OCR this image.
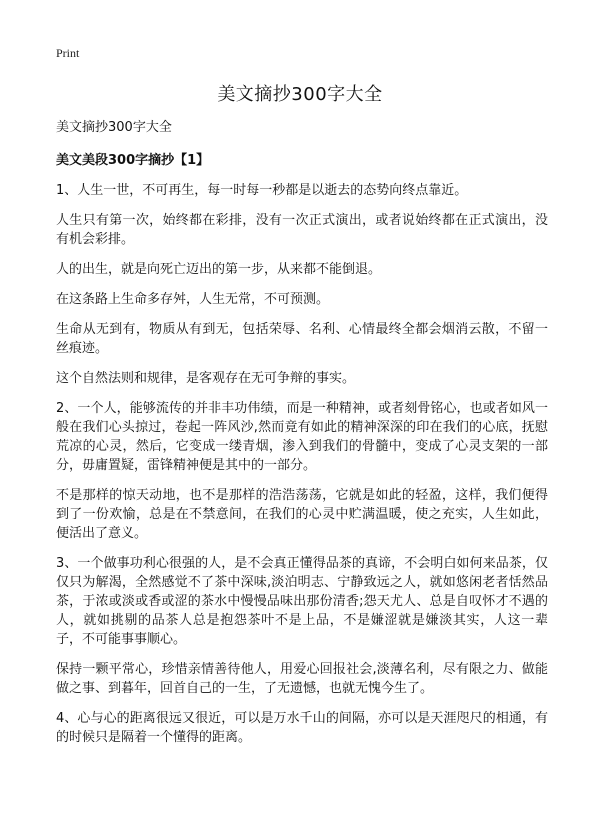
Print
美文摘抄300字大全

美文摘抄300字大全

美文美段300字摘抄【1】

1、人生一世，不可再生，每一时每一秒都是以逝去的态势向终点靠近。

人生只有第一次，始终都在彩排，没有一次正式演出，或者说始终都在正式演出，没有机会彩排。

人的出生，就是向死亡迈出的第一步，从来都不能倒退。

在这条路上生命多存舛，人生无常，不可预测。

生命从无到有，物质从有到无，包括荣辱、名利、心情最终全都会烟消云散，不留一丝痕迹。

这个自然法则和规律，是客观存在无可争辩的事实。

2、一个人，能够流传的并非丰功伟绩，而是一种精神，或者刻骨铭心，也或者如风一般在我们心头掠过，卷起一阵风沙,然而竟有如此的精神深深的印在我们的心底，抚慰荒凉的心灵，然后，它变成一缕青烟，渗入到我们的骨髓中，变成了心灵支架的一部分，毋庸置疑，雷锋精神便是其中的一部分。

不是那样的惊天动地，也不是那样的浩浩荡荡，它就是如此的轻盈，这样，我们便得到了一份欢愉，总是在不禁意间，在我们的心灵中贮满温暖，使之充实，人生如此，便活出了意义。

3、一个做事功利心很强的人，是不会真正懂得品茶的真谛，不会明白如何来品茶，仅仅只为解渴，全然感觉不了茶中深味,淡泊明志、宁静致远之人，就如悠闲老者恬然品茶，于浓或淡或香或涩的茶水中慢慢品味出那份清香;怨天尤人、总是自叹怀才不遇的人，就如挑剔的品茶人总是抱怨茶叶不是上品，不是嫌涩就是嫌淡其实，人这一辈子，不可能事事顺心。

保持一颗平常心，珍惜亲情善待他人，用爱心回报社会,淡薄名利，尽有限之力、做能做之事、到暮年，回首自己的一生，了无遗憾，也就无愧今生了。

4、心与心的距离很远又很近，可以是万水千山的间隔，亦可以是天涯咫尺的相通，有的时候只是隔着一个懂得的距离。
